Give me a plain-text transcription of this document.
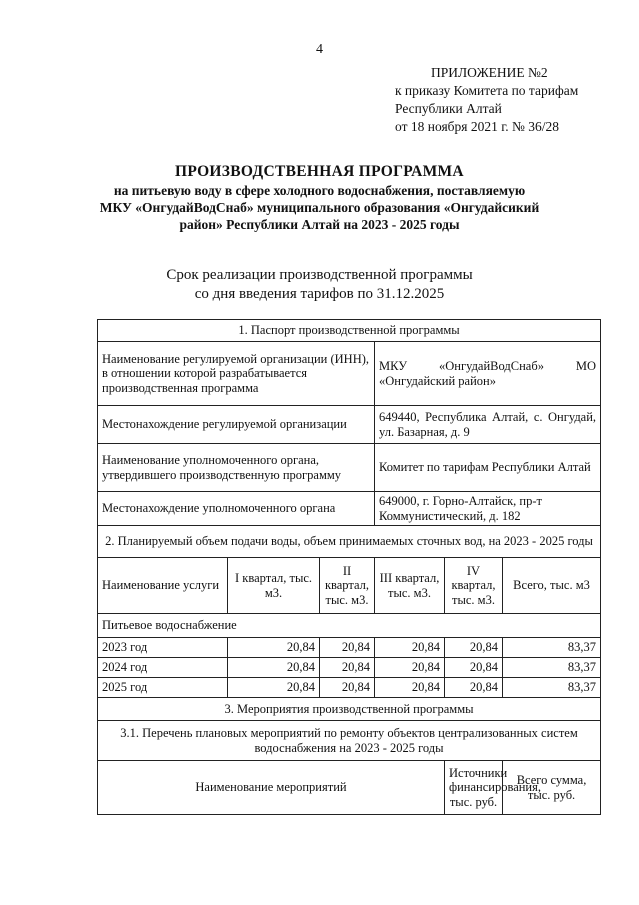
4
ПРИЛОЖЕНИЕ №2
к приказу Комитета по тарифам
Республики Алтай
от 18 ноября 2021 г. № 36/28
ПРОИЗВОДСТВЕННАЯ ПРОГРАММА
на питьевую воду в сфере холодного водоснабжения, поставляемую
МКУ «ОнгудайВодСнаб» муниципального образования «Онгудайсикий
район» Республики Алтай на 2023 - 2025 годы
Срок реализации производственной программы
со дня введения тарифов по 31.12.2025
1. Паспорт производственной программы					
Наименование регулируемой организации (ИНН), в отношении которой разрабатывается производственная программа			МКУ «ОнгудайВодСнаб» МО «Онгудайский район»		
Местонахождение регулируемой организации			649440, Республика Алтай, с. Онгудай, ул. Базарная, д. 9		
Наименование уполномоченного органа, утвердившего производственную программу			Комитет по тарифам Республики Алтай		
Местонахождение уполномоченного органа			649000, г. Горно-Алтайск, пр-т Коммунистический, д. 182		
2. Планируемый объем подачи воды, объем принимаемых сточных вод, на 2023 - 2025 годы					
Наименование услуги	I квартал, тыс. м3.	II квартал, тыс. м3.	III квартал, тыс. м3.	IV квартал, тыс. м3.	Всего, тыс. м3
Питьевое водоснабжение					
2023 год	20,84	20,84	20,84	20,84	83,37
2024 год	20,84	20,84	20,84	20,84	83,37
2025 год	20,84	20,84	20,84	20,84	83,37
3. Мероприятия производственной программы					
3.1. Перечень плановых мероприятий по ремонту объектов централизованных систем водоснабжения на 2023 - 2025 годы					
Наименование мероприятий				Источники финансирования, тыс. руб.	Всего сумма, тыс. руб.
